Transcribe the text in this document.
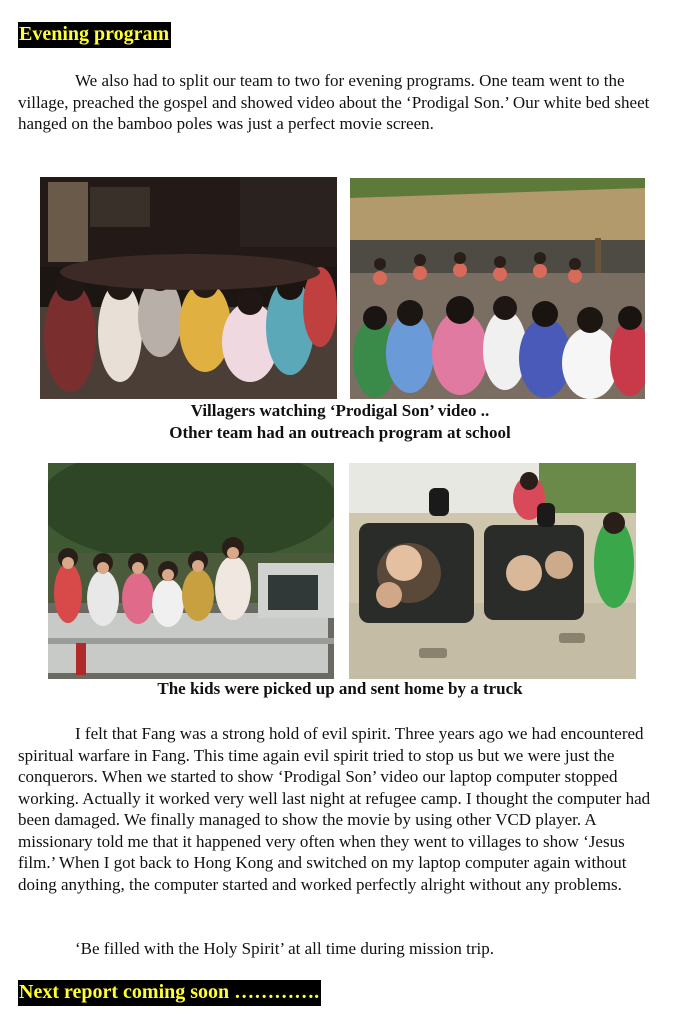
Evening program

We also had to split our team to two for evening programs. One team went to the village, preached the gospel and showed video about the ‘Prodigal Son.’ Our white bed sheet hanged on the bamboo poles was just a perfect movie screen.

Villagers watching ‘Prodigal Son’ video ..
Other team had an outreach program at school

The kids were picked up and sent home by a truck

I felt that Fang was a strong hold of evil spirit. Three years ago we had encountered spiritual warfare in Fang. This time again evil spirit tried to stop us but we were just the conquerors. When we started to show ‘Prodigal Son’ video our laptop computer stopped working. Actually it worked very well last night at refugee camp. I thought the computer had been damaged. We finally managed to show the movie by using other VCD player. A missionary told me that it happened very often when they went to villages to show ‘Jesus film.’ When I got back to Hong Kong and switched on my laptop computer again without doing anything, the computer started and worked perfectly alright without any problems.

‘Be filled with the Holy Spirit’ at all time during mission trip.

Next report coming soon ………….
